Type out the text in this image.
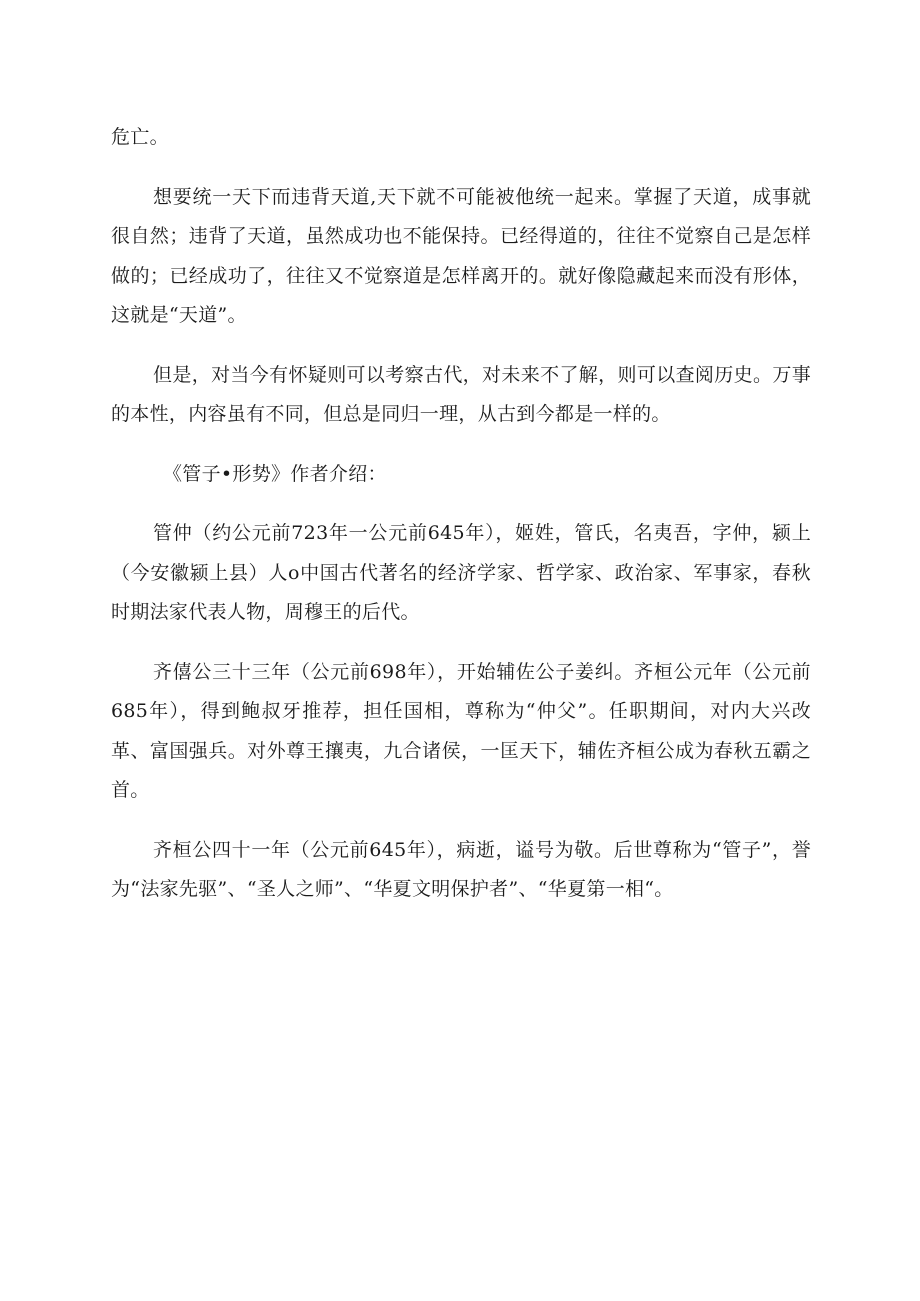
危亡。

想要统一天下而违背天道,天下就不可能被他统一起来。掌握了天道，成事就很自然；违背了天道，虽然成功也不能保持。已经得道的，往往不觉察自己是怎样做的；已经成功了，往往又不觉察道是怎样离开的。就好像隐藏起来而没有形体，这就是“天道”。

但是，对当今有怀疑则可以考察古代，对未来不了解，则可以查阅历史。万事的本性，内容虽有不同，但总是同归一理，从古到今都是一样的。

《管子•形势》作者介绍：

管仲（约公元前723年一公元前645年），姬姓，管氏，名夷吾，字仲，颍上（今安徽颍上县）人o中国古代著名的经济学家、哲学家、政治家、军事家，春秋时期法家代表人物，周穆王的后代。

齐僖公三十三年（公元前698年），开始辅佐公子姜纠。齐桓公元年（公元前685年），得到鲍叔牙推荐，担任国相，尊称为“仲父”。任职期间，对内大兴改革、富国强兵。对外尊王攘夷，九合诸侯，一匡天下，辅佐齐桓公成为春秋五霸之首。

齐桓公四十一年（公元前645年），病逝，谥号为敬。后世尊称为“管子”，誉为“法家先驱”、“圣人之师”、“华夏文明保护者”、“华夏第一相“。
